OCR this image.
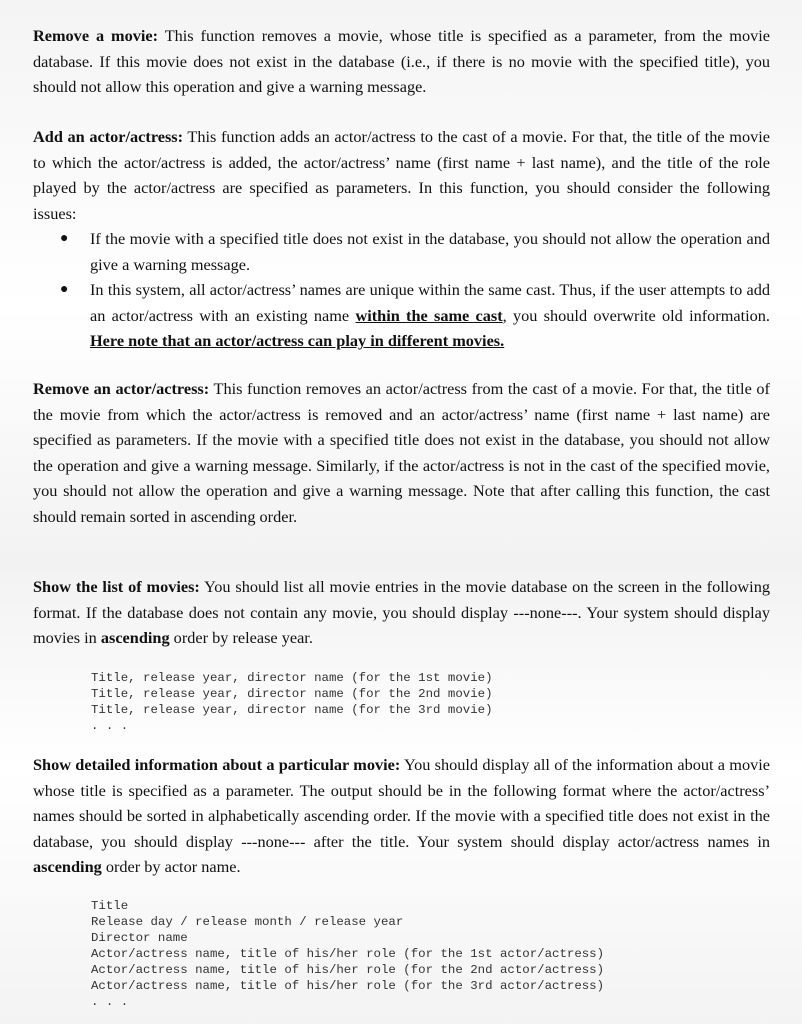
Remove a movie: This function removes a movie, whose title is specified as a parameter, from the movie database. If this movie does not exist in the database (i.e., if there is no movie with the specified title), you should not allow this operation and give a warning message.

Add an actor/actress: This function adds an actor/actress to the cast of a movie. For that, the title of the movie to which the actor/actress is added, the actor/actress’ name (first name + last name), and the title of the role played by the actor/actress are specified as parameters. In this function, you should consider the following issues:

● If the movie with a specified title does not exist in the database, you should not allow the operation and give a warning message.
● In this system, all actor/actress’ names are unique within the same cast. Thus, if the user attempts to add an actor/actress with an existing name within the same cast, you should overwrite old information. Here note that an actor/actress can play in different movies.

Remove an actor/actress: This function removes an actor/actress from the cast of a movie. For that, the title of the movie from which the actor/actress is removed and an actor/actress’ name (first name + last name) are specified as parameters. If the movie with a specified title does not exist in the database, you should not allow the operation and give a warning message. Similarly, if the actor/actress is not in the cast of the specified movie, you should not allow the operation and give a warning message. Note that after calling this function, the cast should remain sorted in ascending order.

Show the list of movies: You should list all movie entries in the movie database on the screen in the following format. If the database does not contain any movie, you should display ---none---. Your system should display movies in ascending order by release year.

Title, release year, director name (for the 1st movie)
Title, release year, director name (for the 2nd movie)
Title, release year, director name (for the 3rd movie)
. . .

Show detailed information about a particular movie: You should display all of the information about a movie whose title is specified as a parameter. The output should be in the following format where the actor/actress’ names should be sorted in alphabetically ascending order. If the movie with a specified title does not exist in the database, you should display ---none--- after the title. Your system should display actor/actress names in ascending order by actor name.

Title
Release day / release month / release year
Director name
Actor/actress name, title of his/her role (for the 1st actor/actress)
Actor/actress name, title of his/her role (for the 2nd actor/actress)
Actor/actress name, title of his/her role (for the 3rd actor/actress)
. . .
